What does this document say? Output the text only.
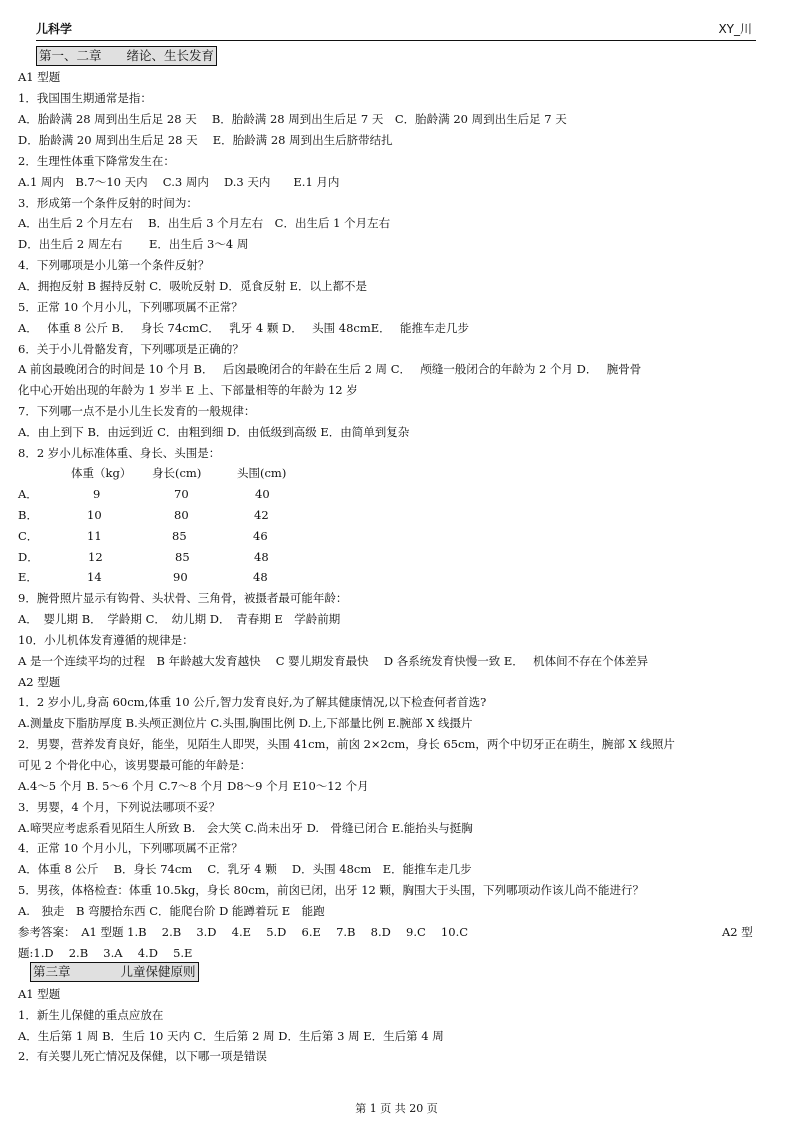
儿科学	XY_川
第一、二章　　绪论、生长发育
A1 型题
1．我国围生期通常是指：
A．胎龄满 28 周到出生后足 28 天　 B．胎龄满 28 周到出生后足 7 天　C．胎龄满 20 周到出生后足 7 天
D．胎龄满 20 周到出生后足 28 天　 E．胎龄满 28 周到出生后脐带结扎
2．生理性体重下降常发生在：
A.1 周内　B.7～10 天内　 C.3 周内　 D.3 天内　　E.1 月内
3．形成第一个条件反射的时间为：
A．出生后 2 个月左右　 B．出生后 3 个月左右　C．出生后 1 个月左右
D．出生后 2 周左右　　 E．出生后 3～4 周
4．下列哪项是小儿第一个条件反射？
A．拥抱反射 B 握持反射 C．吸吮反射 D．觅食反射 E．以上都不是
5．正常 10 个月小儿，下列哪项属不正常？
A．　 体重 8 公斤 B．　 身长 74cmC．　 乳牙 4 颗 D．　 头围 48cmE．　 能推车走几步
6．关于小儿骨骼发育，下列哪项是正确的？
A 前囟最晚闭合的时间是 10 个月 B．　 后囟最晚闭合的年龄在生后 2 周 C．　 颅缝一般闭合的年龄为 2 个月 D．　 腕骨骨
化中心开始出现的年龄为 1 岁半 E 上、下部量相等的年龄为 12 岁
7．下列哪一点不是小儿生长发育的一般规律：
A．由上到下 B．由远到近 C．由粗到细 D．由低级到高级 E．由简单到复杂
8．2 岁小儿标准体重、身长、头围是：
体重（kg） 身长(cm)	头围(cm)
A．	9	70	40
B．	10	80	42
C．	11	85	46
D．	12	85	48
E．	14	90	48
9．腕骨照片显示有钩骨、头状骨、三角骨，被摄者最可能年龄：
A．　婴儿期 B．　学龄期 C．　幼儿期 D．　青春期 E　学龄前期
10．小儿机体发育遵循的规律是：
A 是一个连续平均的过程　B 年龄越大发育越快　 C 婴儿期发育最快　 D 各系统发育快慢一致 E．　 机体间不存在个体差异
A2 型题
1．2 岁小儿,身高 60cm,体重 10 公斤,智力发育良好,为了解其健康情况,以下检查何者首选?
A.测量皮下脂肪厚度 B.头颅正测位片 C.头围,胸围比例 D.上,下部量比例 E.腕部 X 线摄片
2．男婴，营养发育良好，能坐，见陌生人即哭，头围 41cm，前囟 2×2cm，身长 65cm，两个中切牙正在萌生，腕部 X 线照片
可见 2 个骨化中心，该男婴最可能的年龄是：
A.4～5 个月 B. 5～6 个月 C.7～8 个月 D8～9 个月 E10～12 个月
3．男婴，4 个月，下列说法哪项不妥？
A.啼哭应考虑系看见陌生人所致 B.　会大笑 C.尚未出牙 D.　骨缝已闭合 E.能抬头与挺胸
4．正常 10 个月小儿，下列哪项属不正常？
A．体重 8 公斤　 B．身长 74cm　 C．乳牙 4 颗　 D．头围 48cm　E．能推车走几步
5．男孩，体格检查：体重 10.5kg，身长 80cm，前囟已闭，出牙 12 颗，胸围大于头围，下列哪项动作该儿尚不能进行？
A.　独走　B 弯腰拾东西 C．能爬台阶 D 能蹲着玩 E　能跑
参考答案：　A1 型题 1.B　 2.B　 3.D　 4.E　 5.D　 6.E　 7.B　 8.D　 9.C　 10.C	A2 型
题:1.D　 2.B　 3.A　 4.D　 5.E
第三章　　　　儿童保健原则
A1 型题
1．新生儿保健的重点应放在
A．生后第 1 周 B．生后 10 天内 C．生后第 2 周 D．生后第 3 周 E．生后第 4 周
2．有关婴儿死亡情况及保健，以下哪一项是错误
第 1 页 共 20 页
